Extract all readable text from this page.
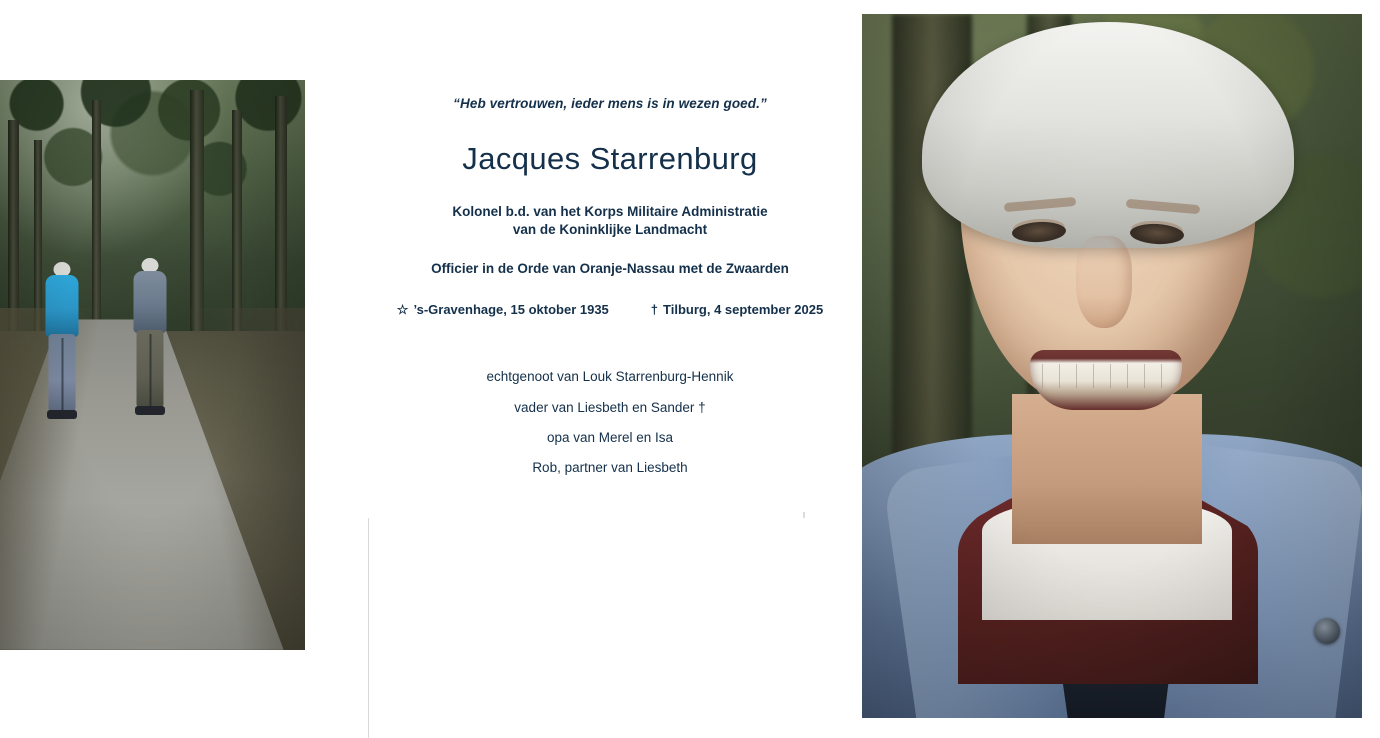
“Heb vertrouwen, ieder mens is in wezen goed.”

Jacques Starrenburg

Kolonel b.d. van het Korps Militaire Administratie
van de Koninklijke Landmacht

Officier in de Orde van Oranje-Nassau met de Zwaarden

☆ ’s-Gravenhage, 15 oktober 1935	† Tilburg, 4 september 2025
echtgenoot van Louk Starrenburg-Hennik
vader van Liesbeth en Sander †
opa van Merel en Isa
Rob, partner van Liesbeth
